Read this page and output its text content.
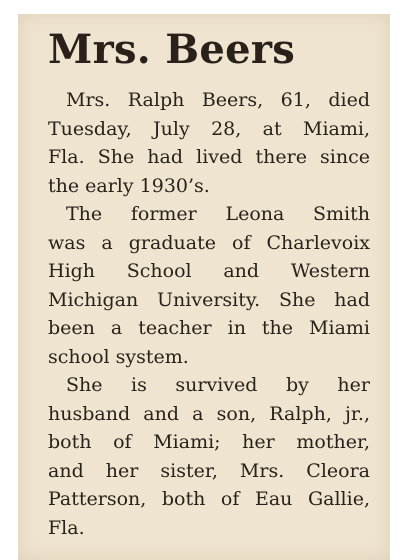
Mrs. Beers
Mrs. Ralph Beers, 61, died
Tuesday, July 28, at Miami,
Fla. She had lived there since
the early 1930’s.
The former Leona Smith
was a graduate of Charlevoix
High School and Western
Michigan University. She had
been a teacher in the Miami
school system.
She is survived by her
husband and a son, Ralph, jr.,
both of Miami; her mother,
and her sister, Mrs. Cleora
Patterson, both of Eau Gallie,
Fla.
